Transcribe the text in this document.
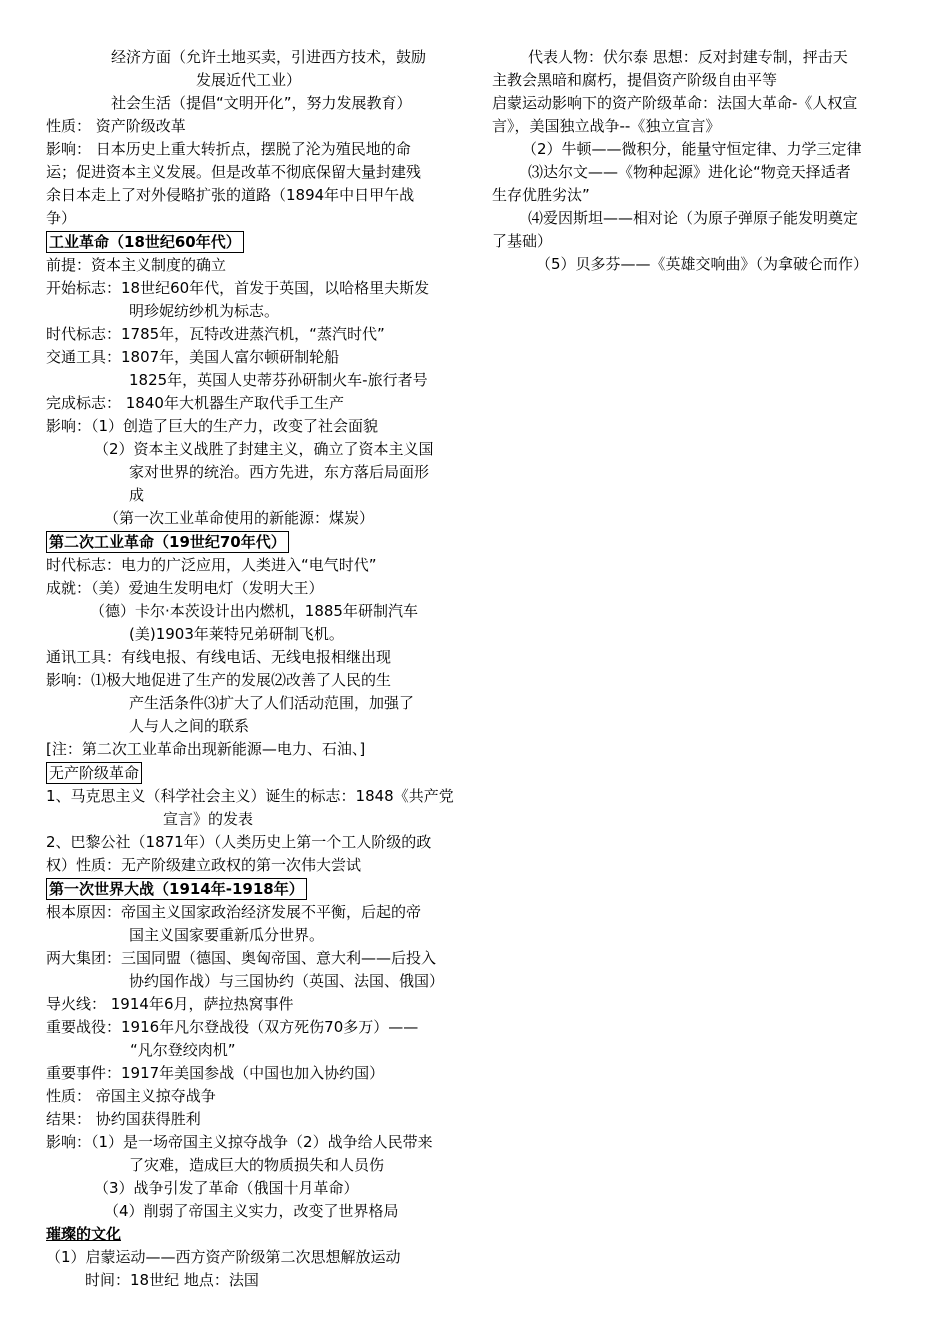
经济方面（允许土地买卖，引进西方技术，鼓励
发展近代工业）
社会生活（提倡“文明开化”，努力发展教育）
性质： 资产阶级改革
影响： 日本历史上重大转折点，摆脱了沦为殖民地的命
运；促进资本主义发展。但是改革不彻底保留大量封建残
余日本走上了对外侵略扩张的道路（1894年中日甲午战
争）
工业革命（18世纪60年代）
前提：资本主义制度的确立
开始标志：18世纪60年代，首发于英国，以哈格里夫斯发
明珍妮纺纱机为标志。
时代标志：1785年，瓦特改进蒸汽机，“蒸汽时代”
交通工具：1807年，美国人富尔顿研制轮船
1825年，英国人史蒂芬孙研制火车-旅行者号
完成标志： 1840年大机器生产取代手工生产
影响：（1）创造了巨大的生产力，改变了社会面貌
（2）资本主义战胜了封建主义，确立了资本主义国
家对世界的统治。西方先进，东方落后局面形
成
（第一次工业革命使用的新能源：煤炭）
第二次工业革命（19世纪70年代）
时代标志：电力的广泛应用，人类进入“电气时代”
成就：（美）爱迪生发明电灯（发明大王）
（德）卡尔·本茨设计出内燃机，1885年研制汽车
(美)1903年莱特兄弟研制飞机。
通讯工具：有线电报、有线电话、无线电报相继出现
影响：⑴极大地促进了生产的发展⑵改善了人民的生
产生活条件⑶扩大了人们活动范围，加强了
人与人之间的联系
[注：第二次工业革命出现新能源—电力、石油、]
无产阶级革命
1、马克思主义（科学社会主义）诞生的标志：1848《共产党
宣言》的发表
2、巴黎公社（1871年）（人类历史上第一个工人阶级的政
权）性质：无产阶级建立政权的第一次伟大尝试
第一次世界大战（1914年-1918年）
根本原因：帝国主义国家政治经济发展不平衡，后起的帝
国主义国家要重新瓜分世界。
两大集团：三国同盟（德国、奥匈帝国、意大利——后投入
协约国作战）与三国协约（英国、法国、俄国）
导火线： 1914年6月，萨拉热窝事件
重要战役：1916年凡尔登战役（双方死伤70多万）——
“凡尔登绞肉机”
重要事件：1917年美国参战（中国也加入协约国）
性质： 帝国主义掠夺战争
结果： 协约国获得胜利
影响：（1）是一场帝国主义掠夺战争（2）战争给人民带来
了灾难，造成巨大的物质损失和人员伤
（3）战争引发了革命（俄国十月革命）
（4）削弱了帝国主义实力，改变了世界格局
璀璨的文化
（1）启蒙运动——西方资产阶级第二次思想解放运动
时间：18世纪 地点：法国
代表人物：伏尔泰 思想：反对封建专制，抨击天
主教会黑暗和腐朽，提倡资产阶级自由平等
启蒙运动影响下的资产阶级革命：法国大革命-《人权宣
言》，美国独立战争--《独立宣言》
（2）牛顿——微积分，能量守恒定律、力学三定律
⑶达尔文——《物种起源》进化论“物竞天择适者
生存优胜劣汰”
⑷爱因斯坦——相对论（为原子弹原子能发明奠定
了基础）
（5）贝多芬——《英雄交响曲》（为拿破仑而作）
